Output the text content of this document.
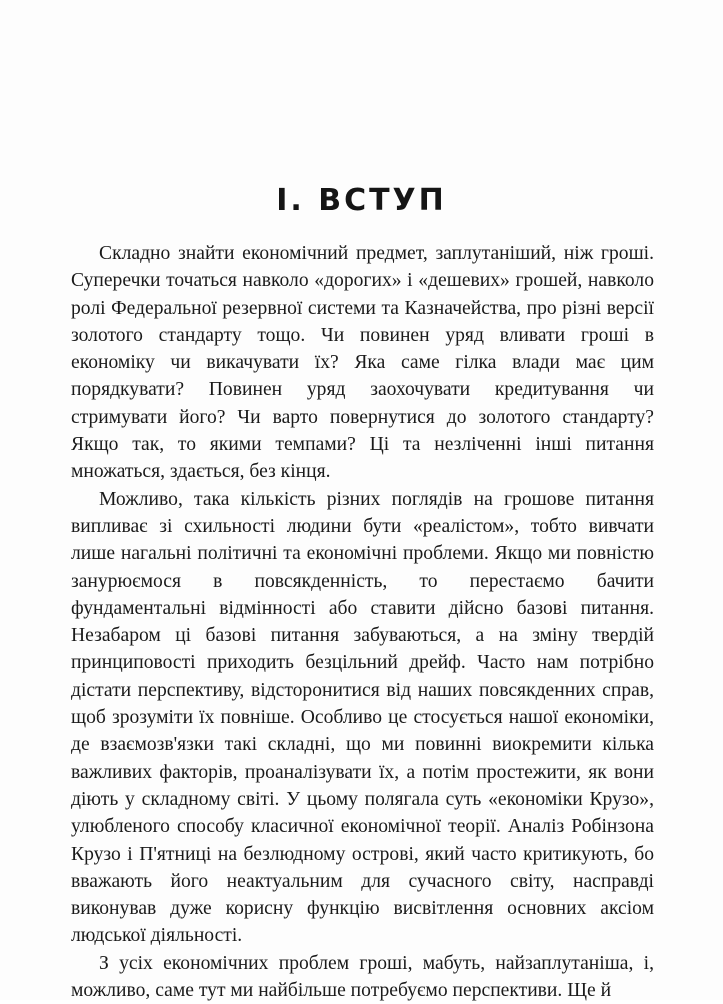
I. ВСТУП

Складно знайти економічний предмет, заплутаніший, ніж гроші. Суперечки точаться навколо «дорогих» і «дешевих» грошей, навколо ролі Федеральної резервної системи та Казначейства, про різні версії золотого стандарту тощо. Чи повинен уряд вливати гроші в економіку чи викачувати їх? Яка саме гілка влади має цим порядкувати? Повинен уряд заохочувати кредитування чи стримувати його? Чи варто повернутися до золотого стандарту? Якщо так, то якими темпами? Ці та незліченні інші питання множаться, здається, без кінця.

Можливо, така кількість різних поглядів на грошове питання випливає зі схильності людини бути «реалістом», тобто вивчати лише нагальні політичні та економічні проблеми. Якщо ми повністю занурюємося в повсякденність, то перестаємо бачити фундаментальні відмінності або ставити дійсно базові питання. Незабаром ці базові питання забуваються, а на зміну твердій принциповості приходить безцільний дрейф. Часто нам потрібно дістати перспективу, відсторонитися від наших повсякденних справ, щоб зрозуміти їх повніше. Особливо це стосується нашої економіки, де взаємозв'язки такі складні, що ми повинні виокремити кілька важливих факторів, проаналізувати їх, а потім простежити, як вони діють у складному світі. У цьому полягала суть «економіки Крузо», улюбленого способу класичної економічної теорії. Аналіз Робінзона Крузо і П'ятниці на безлюдному острові, який часто критикують, бо вважають його неактуальним для сучасного світу, насправді виконував дуже корисну функцію висвітлення основних аксіом людської діяльності.

З усіх економічних проблем гроші, мабуть, найзаплутаніша, і, можливо, саме тут ми найбільше потребуємо перспективи. Ще й
